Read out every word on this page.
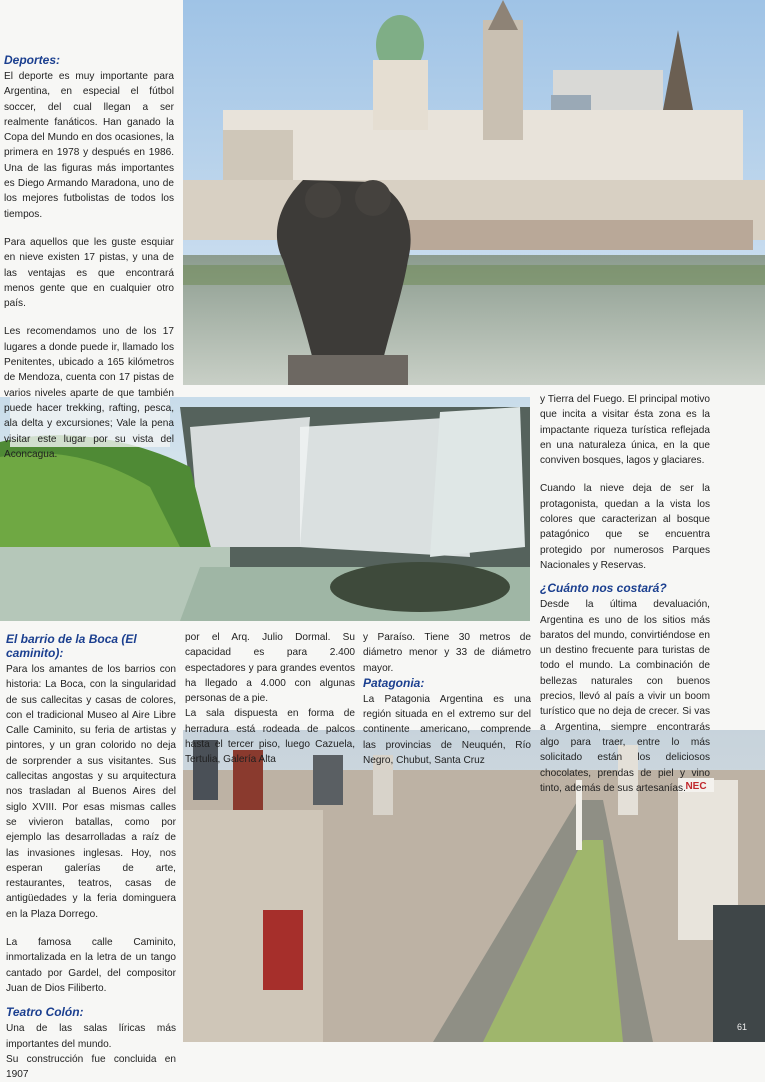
NEC
Deportes:

El deporte es muy importante para Argentina, en especial el fútbol soccer, del cual llegan a ser realmente fanáticos. Han ganado la Copa del Mundo en dos ocasiones, la primera en 1978 y después en 1986. Una de las figuras más importantes es Diego Armando Maradona, uno de los mejores futbolistas de todos los tiempos.

Para aquellos que les guste esquiar en nieve existen 17 pistas, y una de las ventajas es que encontrará menos gente que en cualquier otro país.

Les recomendamos uno de los 17 lugares a donde puede ir, llamado los Penitentes, ubicado a 165 kilómetros de Mendoza, cuenta con 17 pistas de varios niveles aparte de que también puede hacer trekking, rafting, pesca, ala delta y excursiones; Vale la pena visitar este lugar por su vista del Aconcagua.

y Tierra del Fuego. El principal motivo que incita a visitar ésta zona es la impactante riqueza turística reflejada en una naturaleza única, en la que conviven bosques, lagos y glaciares.

Cuando la nieve deja de ser la protagonista, quedan a la vista los colores que caracterizan al bosque patagónico que se encuentra protegido por numerosos Parques Nacionales y Reservas.

¿Cuánto nos costará?

Desde la última devaluación, Argentina es uno de los sitios más baratos del mundo, convirtiéndose en un destino frecuente para turistas de todo el mundo. La combinación de bellezas naturales con buenos precios, llevó al país a vivir un boom turístico que no deja de crecer. Si vas a Argentina, siempre encontrarás algo para traer, entre lo más solicitado están los deliciosos chocolates, prendas de piel y vino tinto, además de sus artesanías.

El barrio de la Boca (El caminito):

Para los amantes de los barrios con historia: La Boca, con la singularidad de sus callecitas y casas de colores, con el tradicional Museo al Aire Libre Calle Caminito, su feria de artistas y pintores, y un gran colorido no deja de sorprender a sus visitantes. Sus callecitas angostas y su arquitectura nos trasladan al Buenos Aires del siglo XVIII. Por esas mismas calles se vivieron batallas, como por ejemplo las desarrolladas a raíz de las invasiones inglesas. Hoy, nos esperan galerías de arte, restaurantes, teatros, casas de antigüedades y la feria dominguera en la Plaza Dorrego.

La famosa calle Caminito, inmortalizada en la letra de un tango cantado por Gardel, del compositor Juan de Dios Filiberto.

Teatro Colón:

Una de las salas líricas más importantes del mundo.

Su construcción fue concluida en 1907

por el Arq. Julio Dormal. Su capacidad es para 2.400 espectadores y para grandes eventos ha llegado a 4.000 con algunas personas de a pie.

La sala dispuesta en forma de herradura está rodeada de palcos hasta el tercer piso, luego Cazuela, Tertulia, Galería Alta

y Paraíso. Tiene 30 metros de diámetro menor y 33 de diámetro mayor.

Patagonia:

La Patagonia Argentina es una región situada en el extremo sur del continente americano, comprende las provincias de Neuquén, Río Negro, Chubut, Santa Cruz

61
